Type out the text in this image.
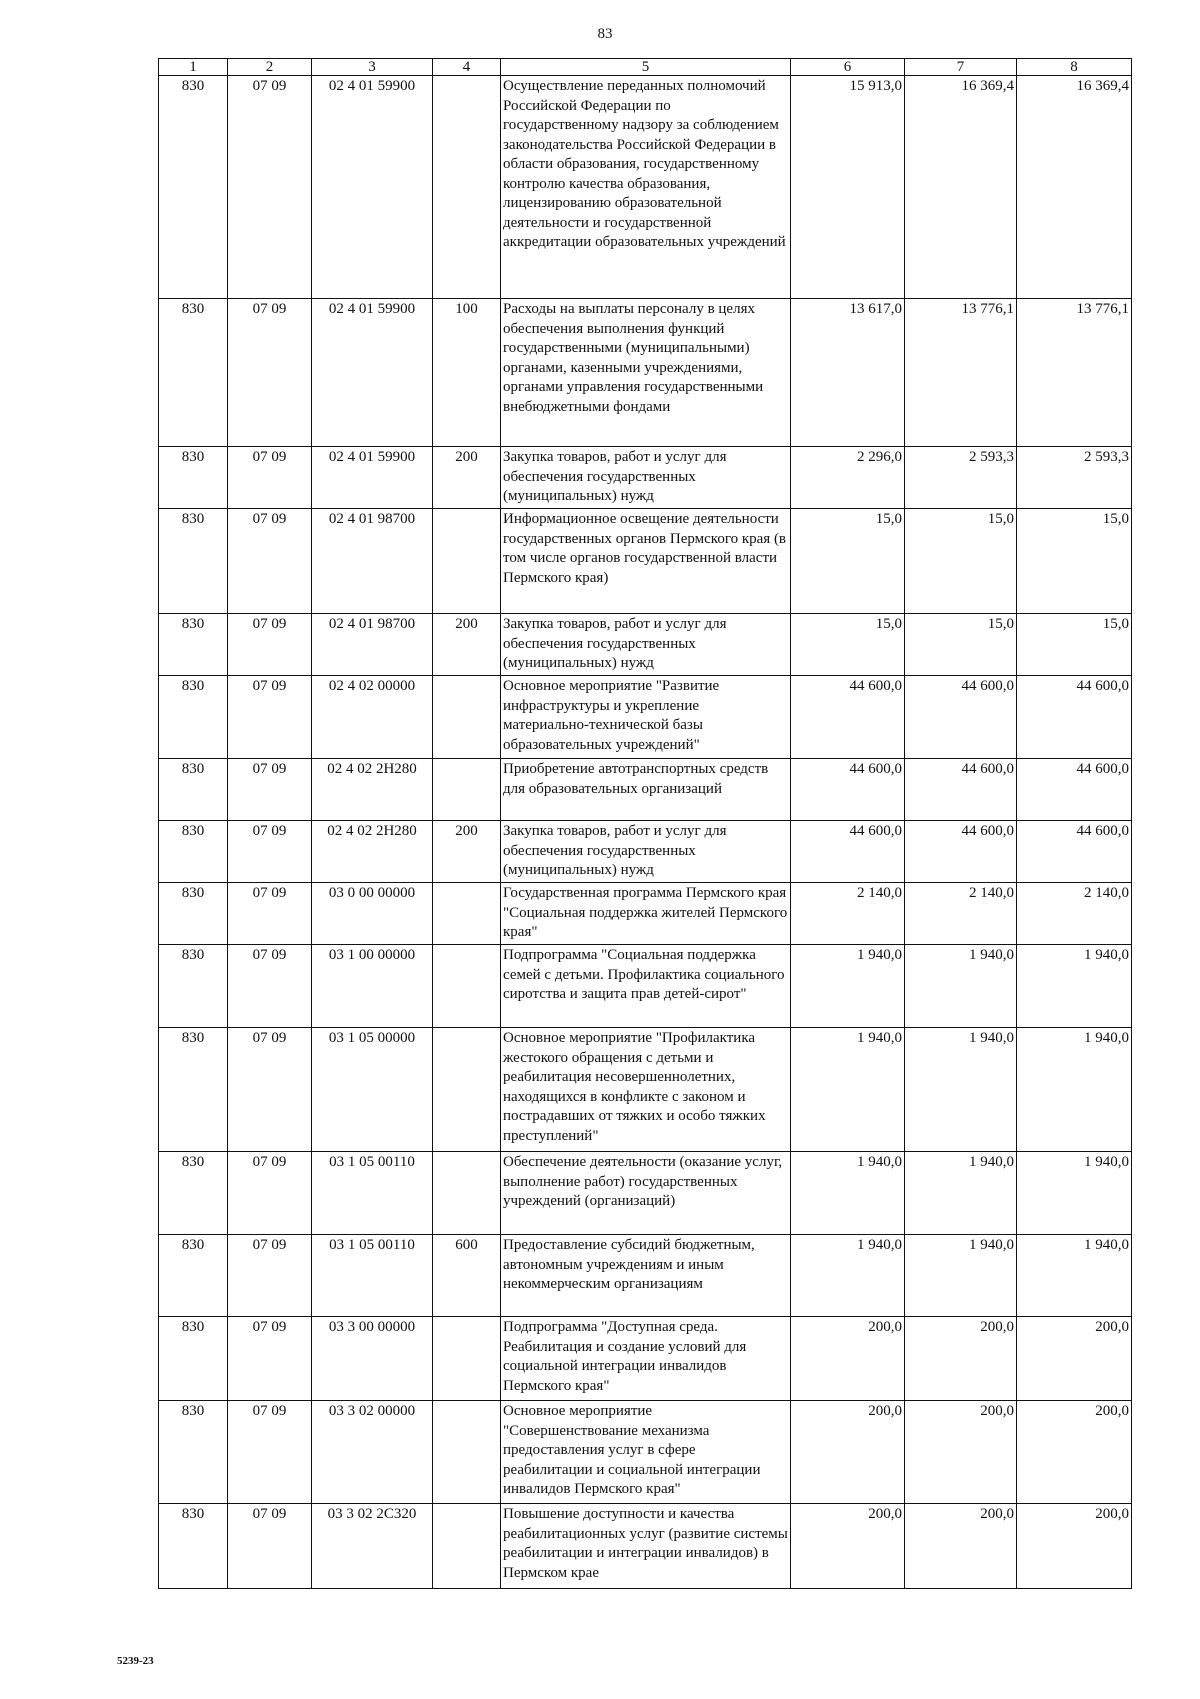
83
1	2	3	4	5	6	7	8
830	07 09	02 4 01 59900		Осуществление переданных полномочий Российской Федерации по государственному надзору за соблюдением законодательства Российской Федерации в области образования, государственному контролю качества образования, лицензированию образовательной деятельности и государственной аккредитации образовательных учреждений	15 913,0	16 369,4	16 369,4
830	07 09	02 4 01 59900	100	Расходы на выплаты персоналу в целях обеспечения выполнения функций государственными (муниципальными) органами, казенными учреждениями, органами управления государственными внебюджетными фондами	13 617,0	13 776,1	13 776,1
830	07 09	02 4 01 59900	200	Закупка товаров, работ и услуг для обеспечения государственных (муниципальных) нужд	2 296,0	2 593,3	2 593,3
830	07 09	02 4 01 98700		Информационное освещение деятельности государственных органов Пермского края (в том числе органов государственной власти Пермского края)	15,0	15,0	15,0
830	07 09	02 4 01 98700	200	Закупка товаров, работ и услуг для обеспечения государственных (муниципальных) нужд	15,0	15,0	15,0
830	07 09	02 4 02 00000		Основное мероприятие "Развитие инфраструктуры и укрепление материально-технической базы образовательных учреждений"	44 600,0	44 600,0	44 600,0
830	07 09	02 4 02 2Н280		Приобретение автотранспортных средств для образовательных организаций	44 600,0	44 600,0	44 600,0
830	07 09	02 4 02 2Н280	200	Закупка товаров, работ и услуг для обеспечения государственных (муниципальных) нужд	44 600,0	44 600,0	44 600,0
830	07 09	03 0 00 00000		Государственная программа Пермского края "Социальная поддержка жителей Пермского края"	2 140,0	2 140,0	2 140,0
830	07 09	03 1 00 00000		Подпрограмма "Социальная поддержка семей с детьми. Профилактика социального сиротства и защита прав детей-сирот"	1 940,0	1 940,0	1 940,0
830	07 09	03 1 05 00000		Основное мероприятие "Профилактика жестокого обращения с детьми и реабилитация несовершеннолетних, находящихся в конфликте с законом и пострадавших от тяжких и особо тяжких преступлений"	1 940,0	1 940,0	1 940,0
830	07 09	03 1 05 00110		Обеспечение деятельности (оказание услуг, выполнение работ) государственных учреждений (организаций)	1 940,0	1 940,0	1 940,0
830	07 09	03 1 05 00110	600	Предоставление субсидий бюджетным, автономным учреждениям и иным некоммерческим организациям	1 940,0	1 940,0	1 940,0
830	07 09	03 3 00 00000		Подпрограмма "Доступная среда. Реабилитация и создание условий для социальной интеграции инвалидов Пермского края"	200,0	200,0	200,0
830	07 09	03 3 02 00000		Основное мероприятие "Совершенствование механизма предоставления услуг в сфере реабилитации и социальной интеграции инвалидов Пермского края"	200,0	200,0	200,0
830	07 09	03 3 02 2С320		Повышение доступности и качества реабилитационных услуг (развитие системы реабилитации и интеграции инвалидов) в Пермском крае	200,0	200,0	200,0
5239-23
